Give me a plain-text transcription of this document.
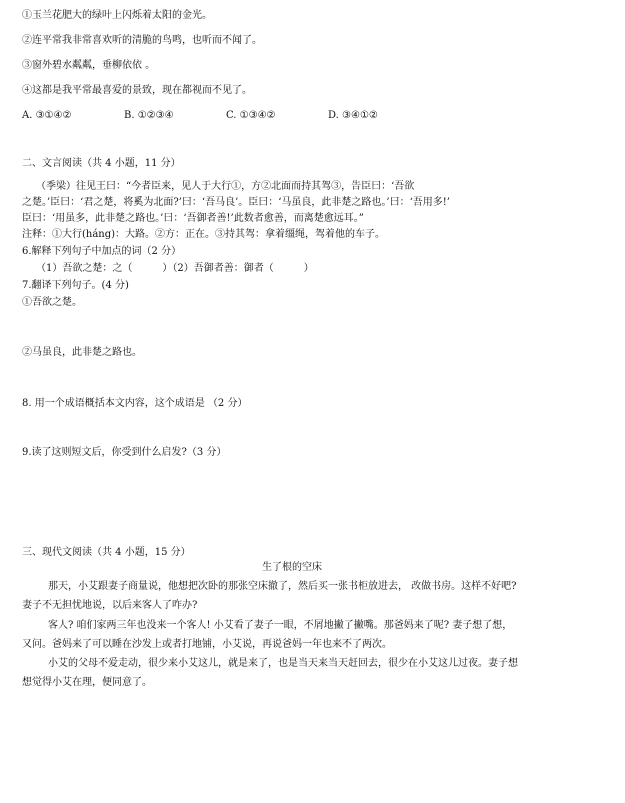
①玉兰花肥大的绿叶上闪烁着太阳的金光。
②连平常我非常喜欢听的清脆的鸟鸣，也听而不闻了。
③窗外碧水粼粼，垂柳依依 。
④这都是我平常最喜爱的景致，现在都视而不见了。
A. ③①④②	B. ①②③④	C. ①③④②	D. ③④①②
二、文言阅读（共 4 小题，11 分）
（季梁）往见王曰：“今者臣来，见人于大行①，方②北面而持其驾③，告臣曰：‘吾欲
之楚。’臣曰：‘君之楚，将奚为北面?’曰：‘吾马良’。臣曰：‘马虽良，此非楚之路也。’曰：‘吾用多!’
臣曰：‘用虽多，此非楚之路也。’曰：‘吾御者善!’此数者愈善，而离楚愈远耳。”
注释：①大行(háng)：大路。②方：正在。③持其驾：拿着缰绳，驾着他的车子。
6.解释下列句子中加点的词（2 分）
（1）吾欲之楚：之（　　　）（2）吾御者善：御者（　　　）
7.翻译下列句子。(4 分)
①吾欲之楚。
②马虽良，此非楚之路也。
8. 用一个成语概括本文内容，这个成语是 （2 分）
9.读了这则短文后，你受到什么启发?（3 分）
三、现代文阅读（共 4 小题，15 分）
生了根的空床
那天，小艾跟妻子商量说，他想把次卧的那张空床撤了，然后买一张书柜放进去， 改做书房。这样不好吧?
妻子不无担忧地说，以后来客人了咋办?
客人? 咱们家两三年也没来一个客人! 小艾看了妻子一眼，不屑地撇了撇嘴。那爸妈来了呢? 妻子想了想，
又问。爸妈来了可以睡在沙发上或者打地铺，小艾说，再说爸妈一年也来不了两次。
小艾的父母不爱走动，很少来小艾这儿，就是来了，也是当天来当天赶回去，很少在小艾这儿过夜。妻子想
想觉得小艾在理，便同意了。
